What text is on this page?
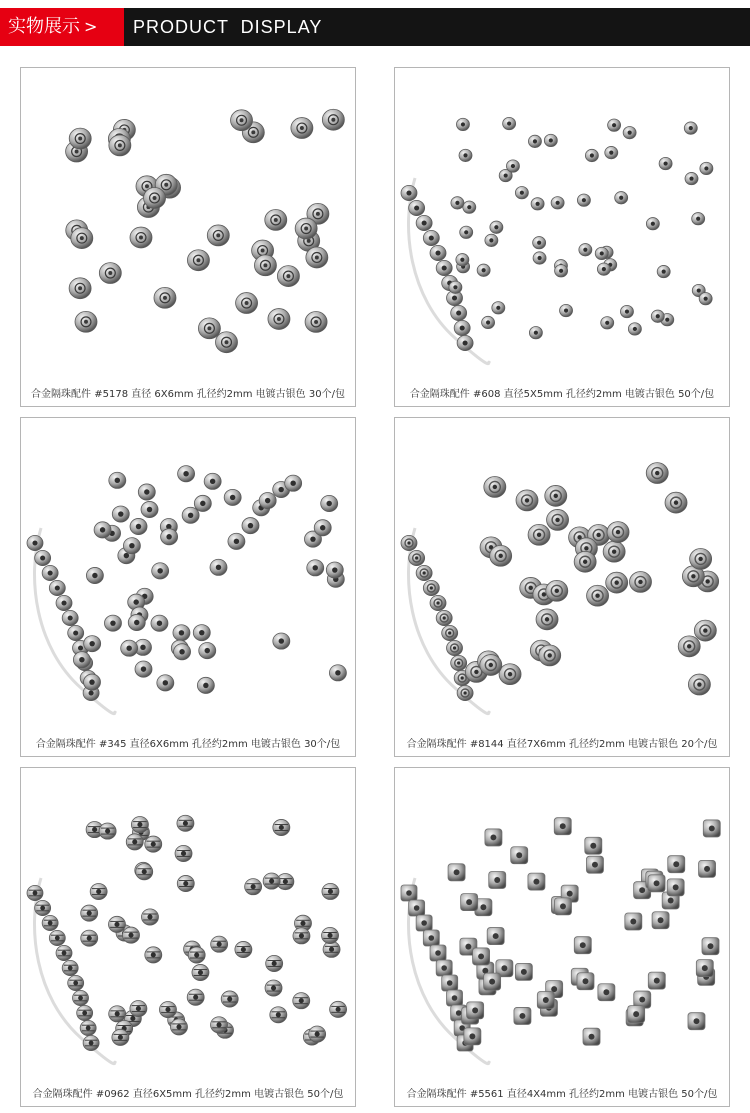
实物展示 >	PRODUCT DISPLAY
合金隔珠配件 #5178 直径 6X6mm 孔径约2mm 电镀古银色 30个/包	合金隔珠配件 #608 直径5X5mm 孔径约2mm 电镀古银色 50个/包
合金隔珠配件 #345 直径6X6mm 孔径约2mm 电镀古银色 30个/包	合金隔珠配件 #8144 直径7X6mm 孔径约2mm 电镀古银色 20个/包
合金隔珠配件 #0962 直径6X5mm 孔径约2mm 电镀古银色 50个/包	合金隔珠配件 #5561 直径4X4mm 孔径约2mm 电镀古银色 50个/包
